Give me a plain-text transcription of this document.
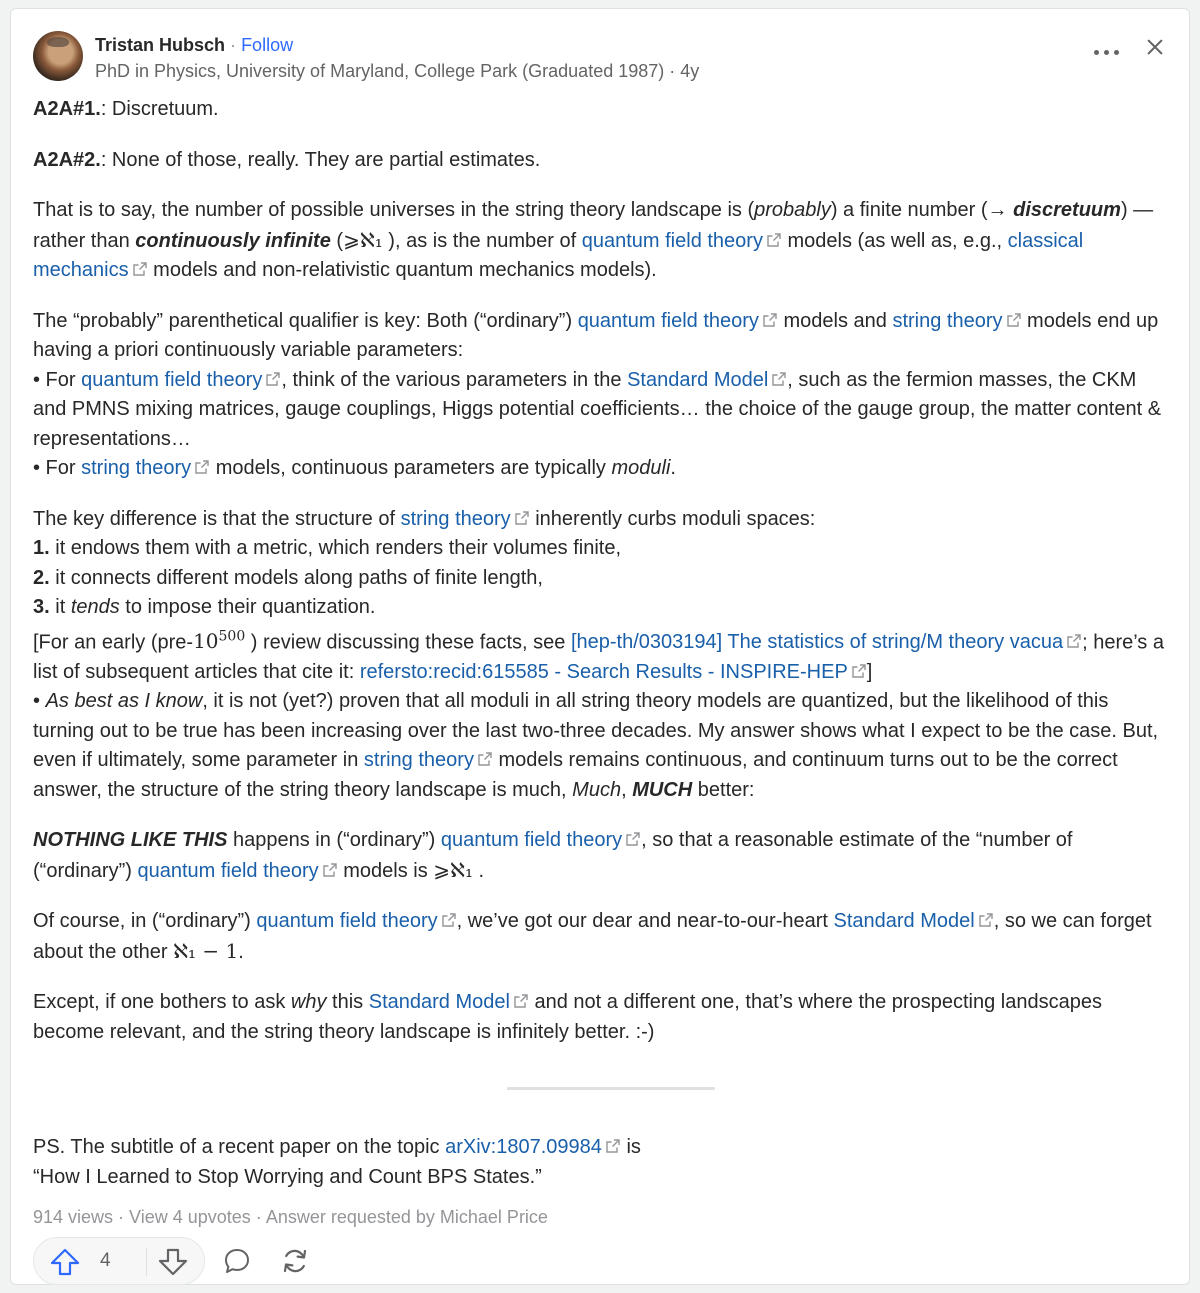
Tristan Hubsch · Follow
PhD in Physics, University of Maryland, College Park (Graduated 1987) · 4y

A2A#1.: Discretuum.

A2A#2.: None of those, really. They are partial estimates.

That is to say, the number of possible universes in the string theory landscape is (probably) a finite number (→ discretuum) —rather than continuously infinite (⩾ℵ₁ ), as is the number of quantum field theory
models (as well as, e.g., classical mechanics
models and non-relativistic quantum mechanics models).

The “probably” parenthetical qualifier is key: Both (“ordinary”) quantum field theory
models and string theory
models end up having a priori continuously variable parameters:
• For quantum field theory , think of the various parameters in the Standard Model , such as the fermion masses, the CKM and PMNS mixing matrices, gauge couplings, Higgs potential coefficients… the choice of the gauge group, the matter content & representations…
• For string theory
models, continuous parameters are typically moduli.

The key difference is that the structure of string theory
inherently curbs moduli spaces:
1. it endows them with a metric, which renders their volumes finite,
2. it connects different models along paths of finite length,
3. it tends to impose their quantization.
[For an early ($pre-10^{500}$ ) review discussing these facts, see [hep-th/0303194] The statistics of string/M theory vacua ; here’s a list of subsequent articles that cite it: refersto:recid:615585 - Search Results - INSPIRE-HEP ]
• As best as I know, it is not (yet?) proven that all moduli in all string theory models are quantized, but the likelihood of this turning out to be true has been increasing over the last two-three decades. My answer shows what I expect to be the case. But, even if ultimately, some parameter in string theory
models remains continuous, and continuum turns out to be the correct answer, the structure of the string theory landscape is much, Much, MUCH better:

NOTHING LIKE THIS happens in (“ordinary”) quantum field theory , so that a reasonable estimate of the “number of (“ordinary”) quantum field theory
models is ⩾ℵ₁ .

Of course, in (“ordinary”) quantum field theory , we’ve got our dear and near-to-our-heart Standard Model , so we can forget about the other ℵ₁ − 1.

Except, if one bothers to ask why this Standard Model
and not a different one, that’s where the prospecting landscapes become relevant, and the string theory landscape is infinitely better. :-)

PS. The subtitle of a recent paper on the topic arXiv:1807.09984
is
“How I Learned to Stop Worrying and Count BPS States.”
914 views · View 4 upvotes · Answer requested by Michael Price
4
